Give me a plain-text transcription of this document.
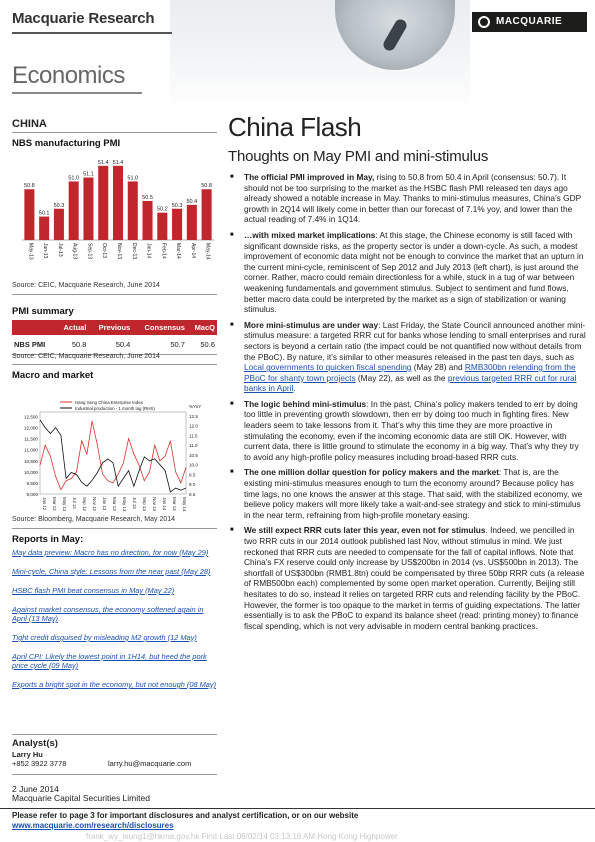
Macquarie Research	MACQUARIE
Economics
CHINA
NBS manufacturing PMI
50.8
May-13
50.1
Jun-13
50.3
Jul-13
51.0
Aug-13
51.1
Sep-13
51.4
Oct-13
51.4
Nov-13
51.0
Dec-13
50.5
Jan-14
50.2
Feb-14
50.3
Mar-14
50.4
Apr-14
50.8
May-14
Source: CEIC, Macquarie Research, June 2014
PMI summary
	Actual	Previous	Consensus	MacQ
NBS PMI	50.8	50.4	50.7	50.6
Source: CEIC, Macquarie Research, June 2014
Macro and market
12,500
12,000
11,500
11,000
10,500
10,000
9,500
9,000
12.5
12.0
11.5
11.0
10.5
10.0
9.5
9.0
8.5
%YoY
Jan 12 Mar 12 May 12 Jul 12 Sep 12 Nov 12 Jan 13 Mar 13 May 13 Jul 13 Sep 13 Nov 13 Jan 14 Mar 14 May 14
Hang Seng China Enterprise Index
Industrial production - 1 month lag (RHS)
Source: Bloomberg, Macquarie Research, May 2014
Reports in May:
May data preview: Macro has no direction, for now (May 29)
Mini-cycle, China style: Lessons from the near past (May 28)
HSBC flash PMI beat consensus in May (May 22)
Against market consensus, the economy softened again in April (13 May)
Tight credit disguised by misleading M2 growth (12 May)
April CPI: Likely the lowest point in 1H14, but heed the pork price cycle (09 May)
Exports a bright spot in the economy, but not enough (08 May)
Analyst(s)
Larry Hu
+852 3922 3778	larry.hu@macquarie.com
2 June 2014
Macquarie Capital Securities Limited
China Flash
Thoughts on May PMI and mini-stimulus
■ The official PMI improved in May, rising to 50.8 from 50.4 in April (consensus: 50.7). It should not be too surprising to the market as the HSBC flash PMI released ten days ago already showed a notable increase in May. Thanks to mini-stimulus measures, China’s GDP growth in 2Q14 will likely come in better than our forecast of 7.1% yoy, and lower than the actual reading of 7.4% in 1Q14.
■ …with mixed market implications: At this stage, the Chinese economy is still faced with significant downside risks, as the property sector is under a down-cycle. As such, a modest improvement of economic data might not be enough to convince the market that an upturn in the current mini-cycle, reminiscent of Sep 2012 and July 2013 (left chart), is just around the corner. Rather, macro could remain directionless for a while, stuck in a tug of war between weakening fundamentals and government stimulus. Subject to sentiment and fund flows, better macro data could be interpreted by the market as a sign of stabilization or waning stimulus.
■ More mini-stimulus are under way: Last Friday, the State Council announced another mini-stimulus measure: a targeted RRR cut for banks whose lending to small enterprises and rural sectors is beyond a certain ratio (the impact could be not quantified now without details from the PBoC). By nature, it’s similar to other measures released in the past ten days, such as Local governments to quicken fiscal spending (May 28) and RMB300bn relending from the PBoC for shanty town projects (May 22), as well as the previous targeted RRR cut for rural banks in April.
■ The logic behind mini-stimulus: In the past, China’s policy makers tended to err by doing too little in preventing growth slowdown, then err by doing too much in fighting fires. New leaders seem to take lessons from it. That’s why this time they are more proactive in stimulating the economy, even if the incoming economic data are still OK. However, with current data, there is little ground to stimulate the economy in a big way. That’s why they try to avoid any high-profile policy measures including broad-based RRR cuts.
■ The one million dollar question for policy makers and the market: That is, are the existing mini-stimulus measures enough to turn the economy around? Because policy has time lags, no one knows the answer at this stage. That said, with the stabilized economy, we believe policy makers will more likely take a wait-and-see strategy and stick to mini-stimulus in the near term, refraining from high-profile monetary easing.
■ We still expect RRR cuts later this year, even not for stimulus. Indeed, we pencilled in two RRR cuts in our 2014 outlook published last Nov, without stimulus in mind. We just reckoned that RRR cuts are needed to compensate for the fall of capital inflows. Note that China’s FX reserve could only increase by US$200bn in 2014 (vs. US$500bn in 2013). The shortfall of US$300bn (RMB1.8tn) could be compensated by three 50bp RRR cuts (a release of RMB500bn each) complemented by some open market operation. Currently, Beijing still hesitates to do so, instead it relies on targeted RRR cuts and relending facility by the PBoC. However, the former is too opaque to the market in terms of guiding expectations. The latter essentially is to ask the PBoC to expand its balance sheet (read: printing money) to finance fiscal spending, which is not very advisable in modern central banking practices.
Please refer to page 3 for important disclosures and analyst certification, or on our website
www.macquarie.com/research/disclosures
frank_wy_leung1@hkma.gov.hk First Last 06/02/14 03:13:16 AM Hong Kong Highpower
